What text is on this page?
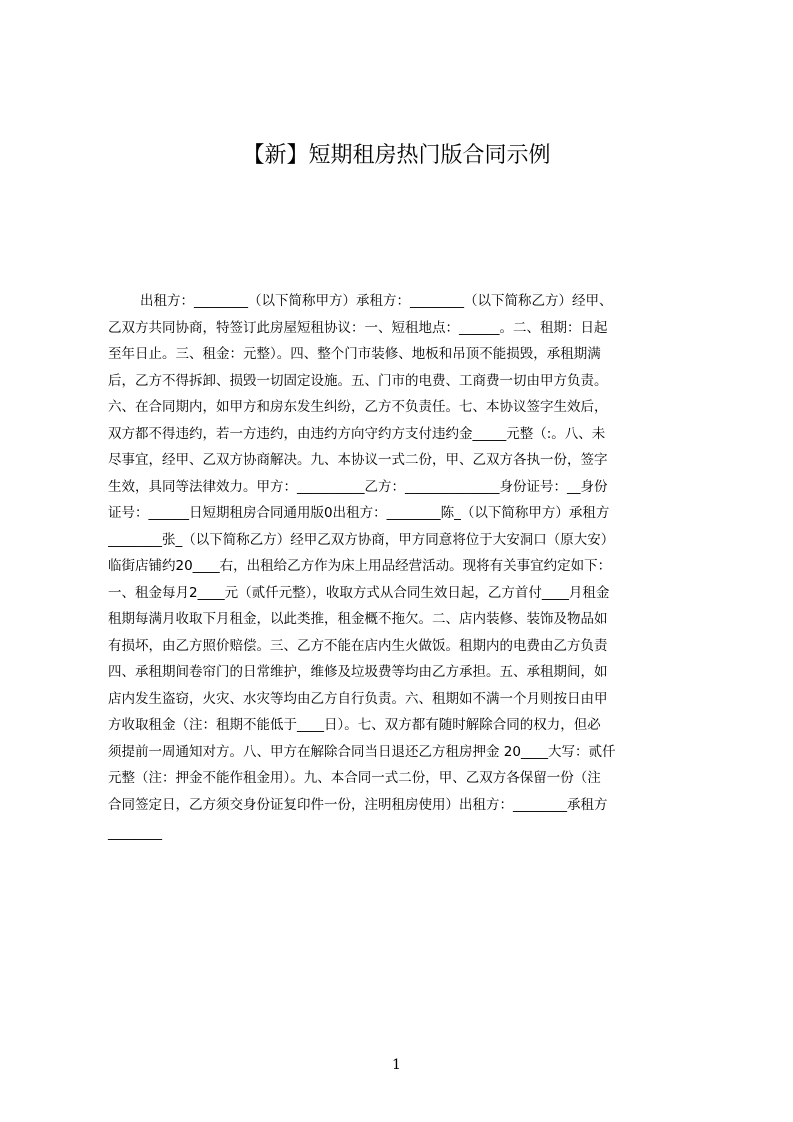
【新】短期租房热门版合同示例
出租方：________（以下简称甲方）承租方：________（以下简称乙方）经甲、
乙双方共同协商，特签订此房屋短租协议：一、短租地点：______。二、租期：日起
至年日止。三、租金：元整）。四、整个门市装修、地板和吊顶不能损毁，承租期满
后，乙方不得拆卸、损毁一切固定设施。五、门市的电费、工商费一切由甲方负责。
六、在合同期内，如甲方和房东发生纠纷，乙方不负责任。七、本协议签字生效后，
双方都不得违约，若一方违约，由违约方向守约方支付违约金_____元整（:。八、未
尽事宜，经甲、乙双方协商解决。九、本协议一式二份，甲、乙双方各执一份，签字
生效，具同等法律效力。甲方：__________乙方：______________身份证号：__身份
证号：______日短期租房合同通用版0出租方：________陈_（以下简称甲方）承租方
________张_（以下简称乙方）经甲乙双方协商，甲方同意将位于大安洞口（原大安）
临街店铺约20____右，出租给乙方作为床上用品经营活动。现将有关事宜约定如下：
一、租金每月2____元（贰仟元整），收取方式从合同生效日起，乙方首付____月租金
租期每满月收取下月租金，以此类推，租金概不拖欠。二、店内装修、装饰及物品如
有损坏，由乙方照价赔偿。三、乙方不能在店内生火做饭。租期内的电费由乙方负责
四、承租期间卷帘门的日常维护，维修及垃圾费等均由乙方承担。五、承租期间，如
店内发生盗窃，火灾、水灾等均由乙方自行负责。六、租期如不满一个月则按日由甲
方收取租金（注：租期不能低于____日）。七、双方都有随时解除合同的权力，但必
须提前一周通知对方。八、甲方在解除合同当日退还乙方租房押金 20____大写：贰仟
元整（注：押金不能作租金用）。九、本合同一式二份，甲、乙双方各保留一份（注
合同签定日，乙方须交身份证复印件一份，注明租房使用）出租方：________承租方
________
1
